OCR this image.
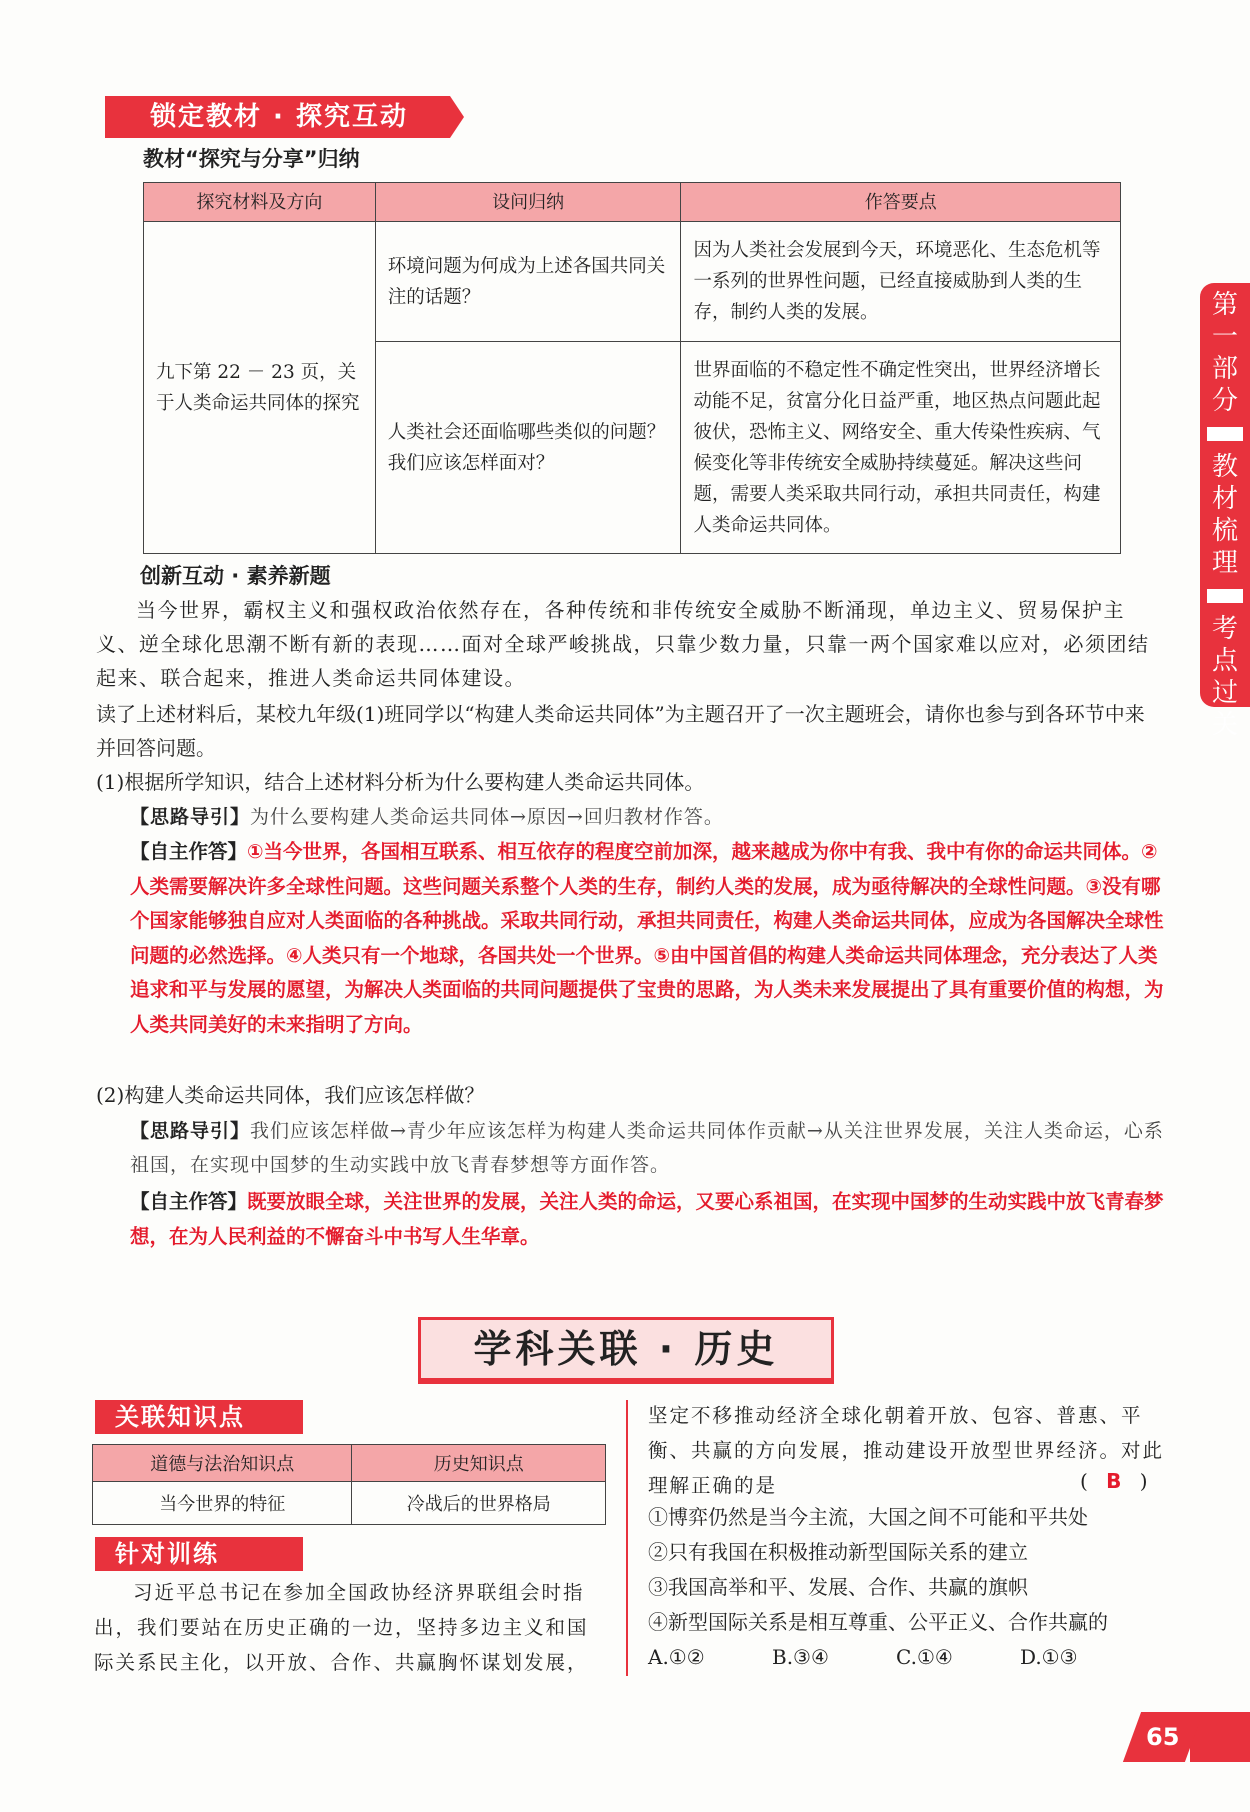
锁定教材 · 探究互动
教材“探究与分享”归纳
探究材料及方向	设问归纳	作答要点
九下第 22 － 23 页，关于人类命运共同体的探究	环境问题为何成为上述各国共同关注的话题？	因为人类社会发展到今天，环境恶化、生态危机等一系列的世界性问题，已经直接威胁到人类的生存，制约人类的发展。
	人类社会还面临哪些类似的问题？我们应该怎样面对？	世界面临的不稳定性不确定性突出，世界经济增长动能不足，贫富分化日益严重，地区热点问题此起彼伏，恐怖主义、网络安全、重大传染性疾病、气候变化等非传统安全威胁持续蔓延。解决这些问题，需要人类采取共同行动，承担共同责任，构建人类命运共同体。
创新互动 · 素养新题
当今世界，霸权主义和强权政治依然存在，各种传统和非传统安全威胁不断涌现，单边主义、贸易保护主义、逆全球化思潮不断有新的表现……面对全球严峻挑战，只靠少数力量，只靠一两个国家难以应对，必须团结起来、联合起来，推进人类命运共同体建设。
读了上述材料后，某校九年级(1)班同学以“构建人类命运共同体”为主题召开了一次主题班会，请你也参与到各环节中来并回答问题。
(1)根据所学知识，结合上述材料分析为什么要构建人类命运共同体。
【思路导引】为什么要构建人类命运共同体→原因→回归教材作答。
【自主作答】①当今世界，各国相互联系、相互依存的程度空前加深，越来越成为你中有我、我中有你的命运共同体。②人类需要解决许多全球性问题。这些问题关系整个人类的生存，制约人类的发展，成为亟待解决的全球性问题。③没有哪个国家能够独自应对人类面临的各种挑战。采取共同行动，承担共同责任，构建人类命运共同体，应成为各国解决全球性问题的必然选择。④人类只有一个地球，各国共处一个世界。⑤由中国首倡的构建人类命运共同体理念，充分表达了人类追求和平与发展的愿望，为解决人类面临的共同问题提供了宝贵的思路，为人类未来发展提出了具有重要价值的构想，为人类共同美好的未来指明了方向。
(2)构建人类命运共同体，我们应该怎样做？
【思路导引】我们应该怎样做→青少年应该怎样为构建人类命运共同体作贡献→从关注世界发展，关注人类命运，心系祖国，在实现中国梦的生动实践中放飞青春梦想等方面作答。
【自主作答】既要放眼全球，关注世界的发展，关注人类的命运，又要心系祖国，在实现中国梦的生动实践中放飞青春梦想，在为人民利益的不懈奋斗中书写人生华章。
第一部分
教材梳理
考点过关
学科关联 · 历史
关联知识点
道德与法治知识点	历史知识点
当今世界的特征	冷战后的世界格局
针对训练
习近平总书记在参加全国政协经济界联组会时指出，我们要站在历史正确的一边，坚持多边主义和国际关系民主化，以开放、合作、共赢胸怀谋划发展，
坚定不移推动经济全球化朝着开放、包容、普惠、平衡、共赢的方向发展，推动建设开放型世界经济。对此理解正确的是	( B )
①博弈仍然是当今主流，大国之间不可能和平共处
②只有我国在积极推动新型国际关系的建立
③我国高举和平、发展、合作、共赢的旗帜
④新型国际关系是相互尊重、公平正义、合作共赢的
A.①②	B.③④	C.①④	D.①③
65
